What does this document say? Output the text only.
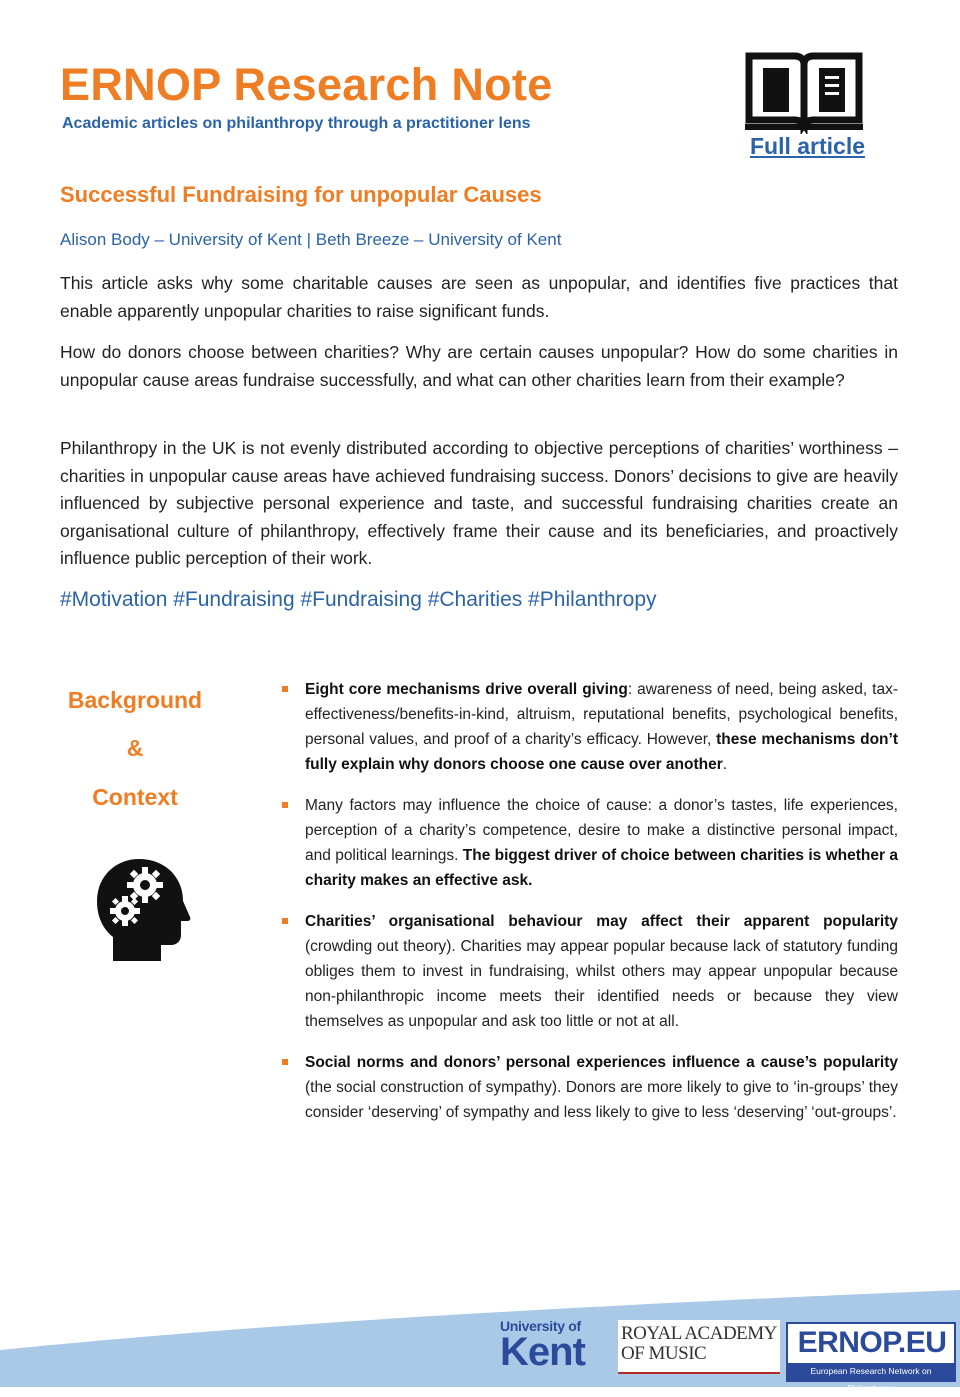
ERNOP Research Note
Academic articles on philanthropy through a practitioner lens
Full article
Successful Fundraising for unpopular Causes
Alison Body – University of Kent | Beth Breeze – University of Kent

This article asks why some charitable causes are seen as unpopular, and identifies five practices that enable apparently unpopular charities to raise significant funds.

How do donors choose between charities? Why are certain causes unpopular? How do some charities in unpopular cause areas fundraise successfully, and what can other charities learn from their example?

Philanthropy in the UK is not evenly distributed according to objective perceptions of charities’ worthiness – charities in unpopular cause areas have achieved fundraising success. Donors’ decisions to give are heavily influenced by subjective personal experience and taste, and successful fundraising charities create an organisational culture of philanthropy, effectively frame their cause and its beneficiaries, and proactively influence public perception of their work.

#Motivation #Fundraising #Fundraising #Charities #Philanthropy
Background
&
Context
Eight core mechanisms drive overall giving: awareness of need, being asked, tax-effectiveness/benefits-in-kind, altruism, reputational benefits, psychological benefits, personal values, and proof of a charity’s efficacy. However, these mechanisms don’t fully explain why donors choose one cause over another.
Many factors may influence the choice of cause: a donor’s tastes, life experiences, perception of a charity’s competence, desire to make a distinctive personal impact, and political learnings. The biggest driver of choice between charities is whether a charity makes an effective ask.
Charities’ organisational behaviour may affect their apparent popularity (crowding out theory). Charities may appear popular because lack of statutory funding obliges them to invest in fundraising, whilst others may appear unpopular because non-philanthropic income meets their identified needs or because they view themselves as unpopular and ask too little or not at all.
Social norms and donors’ personal experiences influence a cause’s popularity (the social construction of sympathy). Donors are more likely to give to ‘in-groups’ they consider ‘deserving’ of sympathy and less likely to give to less ‘deserving’ ‘out-groups’.
University of
Kent ROYAL ACADEMY
OF MUSIC	ERNOP.EU
European Research Network on Philanthropy
